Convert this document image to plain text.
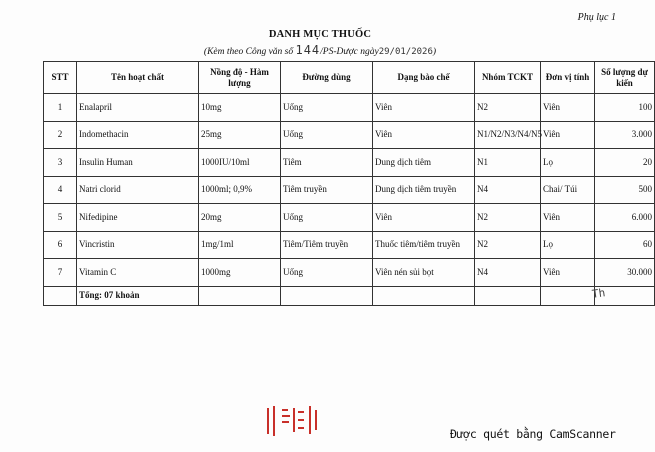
Phụ lục 1
DANH MỤC THUỐC
(Kèm theo Công văn số 144/PS-Dược ngày29/01/2026)
STT	Tên hoạt chất	Nồng độ - Hàm lượng	Đường dùng	Dạng bào chế	Nhóm TCKT	Đơn vị tính	Số lượng dự kiến
1	Enalapril	10mg	Uống	Viên	N2	Viên	100
2	Indomethacin	25mg	Uống	Viên	N1/N2/N3/N4/N5	Viên	3.000
3	Insulin Human	1000IU/10ml	Tiêm	Dung dịch tiêm	N1	Lọ	20
4	Natri clorid	1000ml; 0,9%	Tiêm truyền	Dung dịch tiêm truyền	N4	Chai/ Túi	500
5	Nifedipine	20mg	Uống	Viên	N2	Viên	6.000
6	Vincristin	1mg/1ml	Tiêm/Tiêm truyền	Thuốc tiêm/tiêm truyền	N2	Lọ	60
7	Vitamin C	1000mg	Uống	Viên nén sủi bọt	N4	Viên	30.000
	Tổng: 07 khoản							Th
Được quét bằng CamScanner
